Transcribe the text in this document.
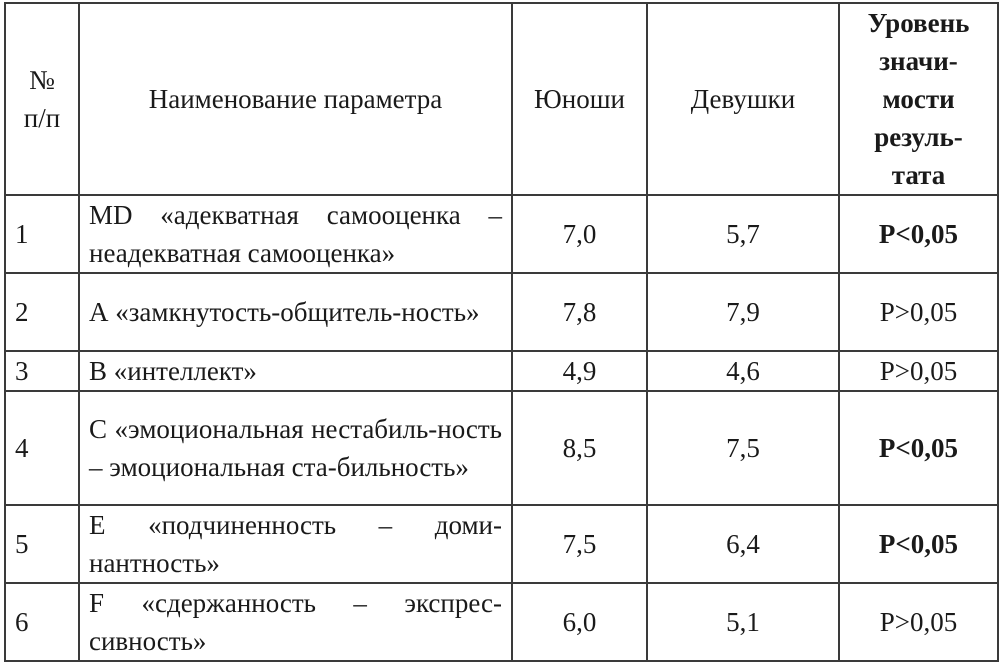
№
п/п	Наименование параметра	Юноши	Девушки	Уровень
значи-
мости
резуль-
тата

1	MD «адекватная самооценка – неадекватная самооценка»	7,0	5,7	P<0,05
2	А «замкнутость-общитель-ность»	7,8	7,9	P>0,05
3	В «интеллект»	4,9	4,6	P>0,05
4	С «эмоциональная нестабиль-ность – эмоциональная ста-бильность»	8,5	7,5	P<0,05
5	Е «подчиненность – доми-нантность»	7,5	6,4	P<0,05
6	F «сдержанность – экспрес-сивность»	6,0	5,1	P>0,05
